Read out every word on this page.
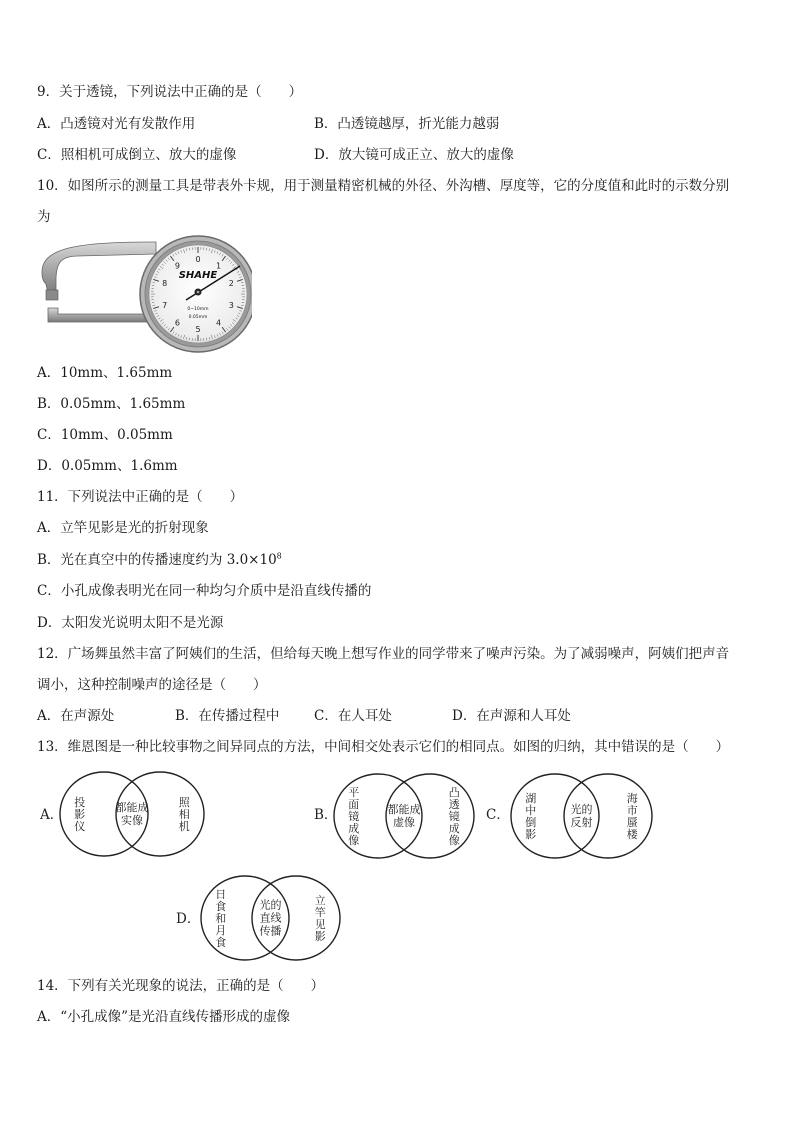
9．关于透镜，下列说法中正确的是（　　）
A．凸透镜对光有发散作用	B．凸透镜越厚，折光能力越弱
C．照相机可成倒立、放大的虚像	D．放大镜可成正立、放大的虚像
10．如图所示的测量工具是带表外卡规，用于测量精密机械的外径、外沟槽、厚度等，它的分度值和此时的示数分别
为
0
1
2
3
4
5
6
7
8
9
SHAHE
0~10mm
0.05mm
A．10mm、1.65mm
B．0.05mm、1.65mm
C．10mm、0.05mm
D．0.05mm、1.6mm
11．下列说法中正确的是（　　）
A．立竿见影是光的折射现象
B．光在真空中的传播速度约为 $3.0\times 10^8$
C．小孔成像表明光在同一种均匀介质中是沿直线传播的
D．太阳发光说明太阳不是光源
12．广场舞虽然丰富了阿姨们的生活，但给每天晚上想写作业的同学带来了噪声污染。为了减弱噪声，阿姨们把声音
调小，这种控制噪声的途径是（　　）
A．在声源处	B．在传播过程中	C．在人耳处	D．在声源和人耳处
13．维恩图是一种比较事物之间异同点的方法，中间相交处表示它们的相同点。如图的归纳，其中错误的是（　　）
A．
投
影
仪
照
相
机
都能成
实像	B．
平
面
镜
成
像
凸
透
镜
成
像
都能成
虚像	C．
湖
中
倒
影
海
市
蜃
楼
光的
反射
D．
日
食
和
月
食
立
竿
见
影
光的
直线
传播
14．下列有关光现象的说法，正确的是（　　）
A．“小孔成像”是光沿直线传播形成的虚像
